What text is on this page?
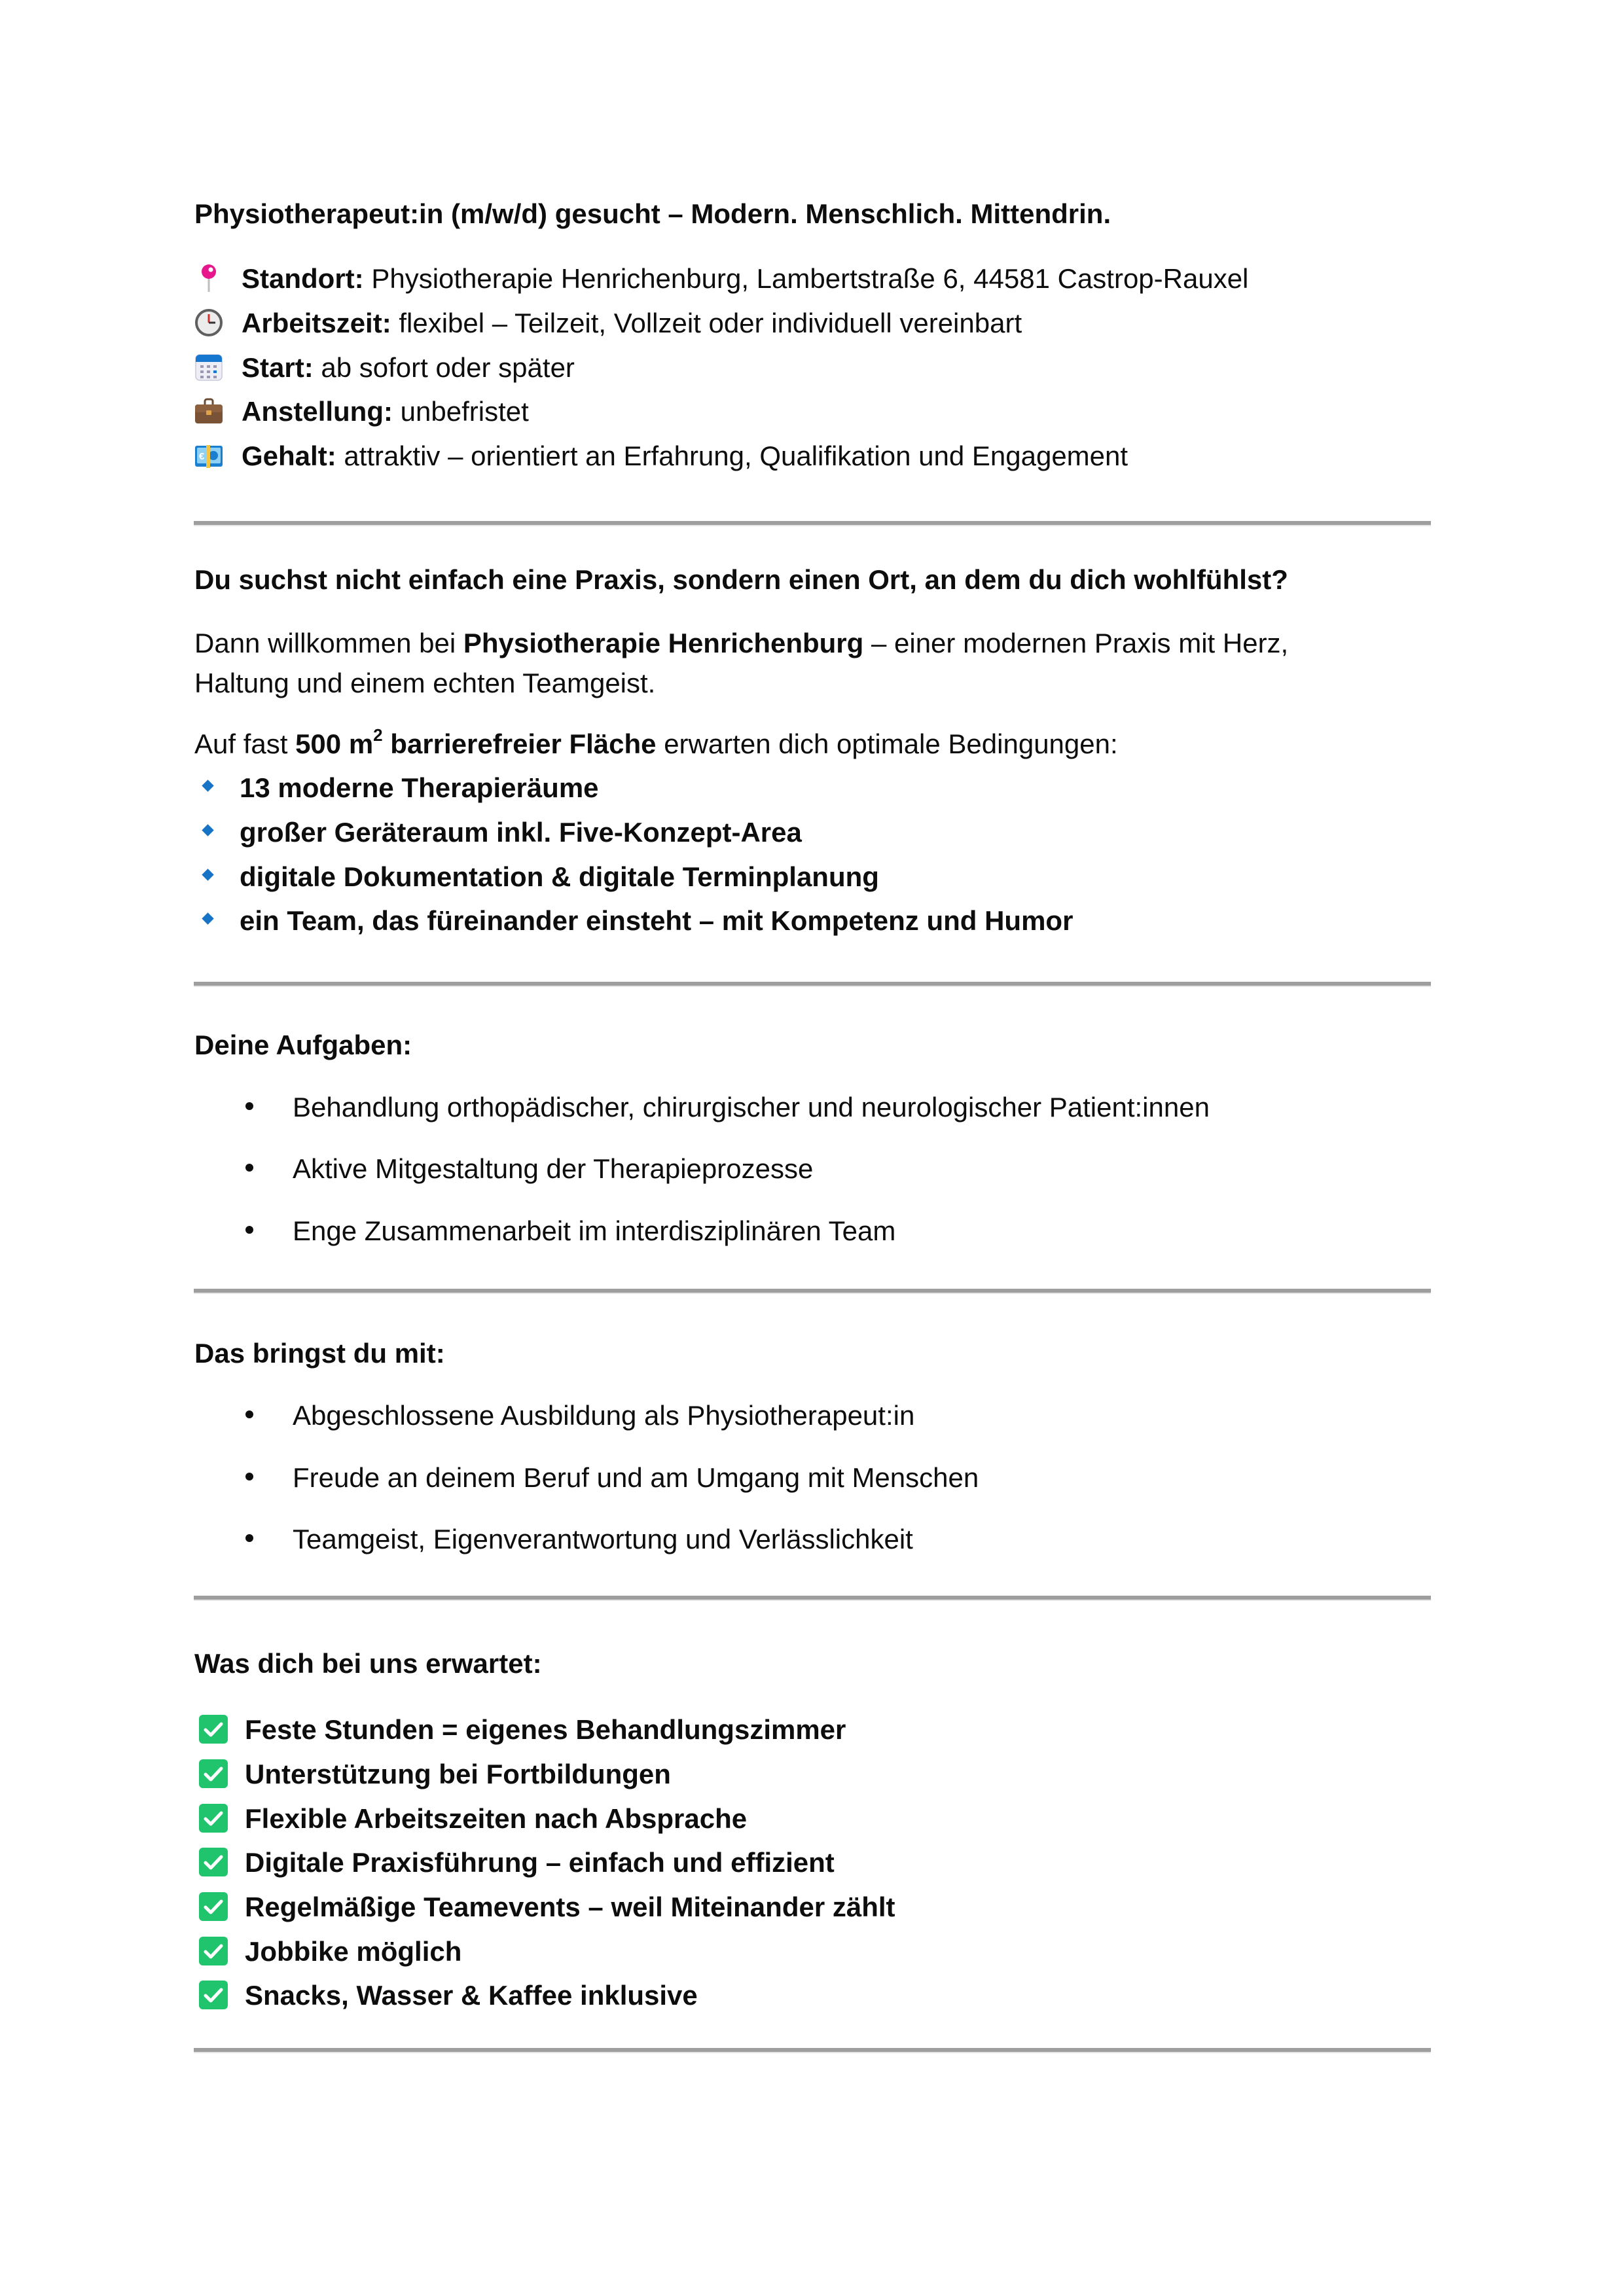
Physiotherapeut:in (m/w/d) gesucht – Modern. Menschlich. Mittendrin.
Standort: Physiotherapie Henrichenburg, Lambertstraße 6, 44581 Castrop-Rauxel
Arbeitszeit: flexibel – Teilzeit, Vollzeit oder individuell vereinbart
Start: ab sofort oder später
Anstellung: unbefristet
€ Gehalt: attraktiv – orientiert an Erfahrung, Qualifikation und Engagement
Du suchst nicht einfach eine Praxis, sondern einen Ort, an dem du dich wohlfühlst?
Dann willkommen bei Physiotherapie Henrichenburg – einer modernen Praxis mit Herz,
Haltung und einem echten Teamgeist.
Auf fast 500 $m^2$ barrierefreier Fläche erwarten dich optimale Bedingungen:
13 moderne Therapieräume
großer Geräteraum inkl. Five-Konzept-Area
digitale Dokumentation & digitale Terminplanung
ein Team, das füreinander einsteht – mit Kompetenz und Humor
Deine Aufgaben:
Behandlung orthopädischer, chirurgischer und neurologischer Patient:innen
Aktive Mitgestaltung der Therapieprozesse
Enge Zusammenarbeit im interdisziplinären Team
Das bringst du mit:
Abgeschlossene Ausbildung als Physiotherapeut:in
Freude an deinem Beruf und am Umgang mit Menschen
Teamgeist, Eigenverantwortung und Verlässlichkeit
Was dich bei uns erwartet:
Feste Stunden = eigenes Behandlungszimmer
Unterstützung bei Fortbildungen
Flexible Arbeitszeiten nach Absprache
Digitale Praxisführung – einfach und effizient
Regelmäßige Teamevents – weil Miteinander zählt
Jobbike möglich
Snacks, Wasser & Kaffee inklusive
